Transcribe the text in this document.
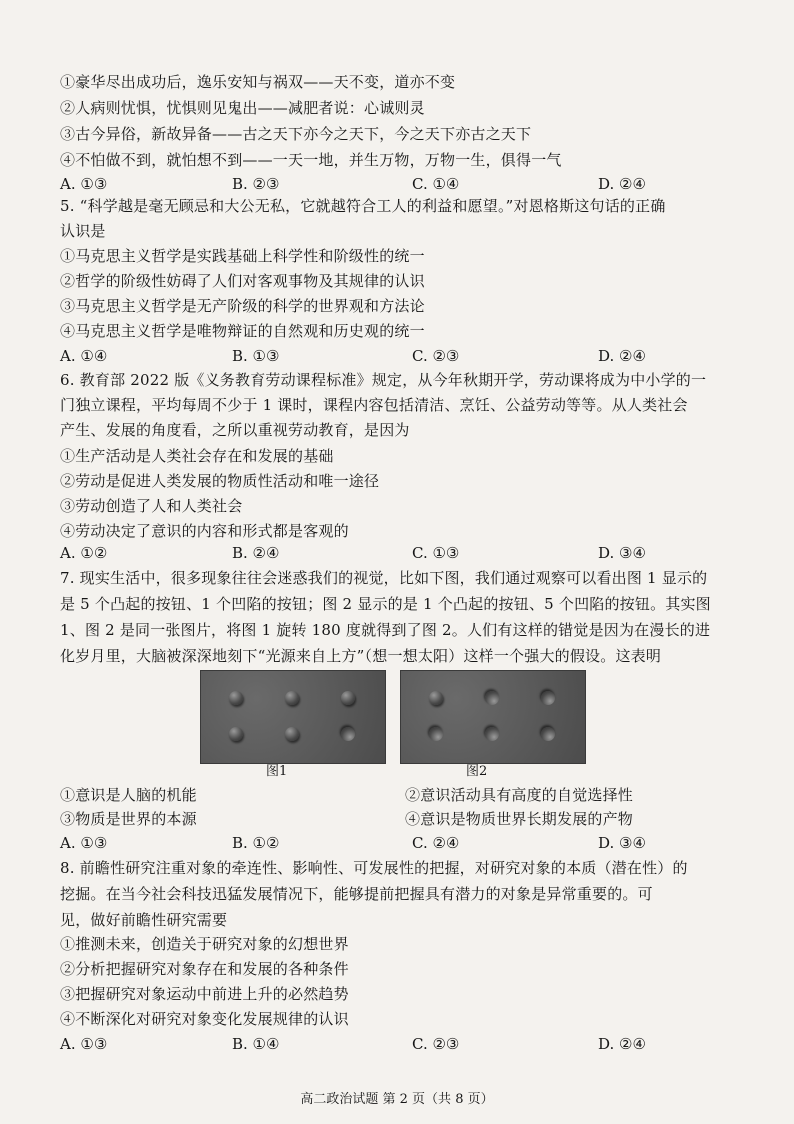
①豪华尽出成功后，逸乐安知与祸双——天不变，道亦不变
②人病则忧惧，忧惧则见鬼出——减肥者说：心诚则灵
③古今异俗，新故异备——古之天下亦今之天下，今之天下亦古之天下
④不怕做不到，就怕想不到——一天一地，并生万物，万物一生，俱得一气
A. ①③	B. ②③	C. ①④	D. ②④
5. “科学越是毫无顾忌和大公无私，它就越符合工人的利益和愿望。”对恩格斯这句话的正确
认识是
①马克思主义哲学是实践基础上科学性和阶级性的统一
②哲学的阶级性妨碍了人们对客观事物及其规律的认识
③马克思主义哲学是无产阶级的科学的世界观和方法论
④马克思主义哲学是唯物辩证的自然观和历史观的统一
A. ①④	B. ①③	C. ②③	D. ②④
6. 教育部 2022 版《义务教育劳动课程标准》规定，从今年秋期开学，劳动课将成为中小学的一
门独立课程，平均每周不少于 1 课时，课程内容包括清洁、烹饪、公益劳动等等。从人类社会
产生、发展的角度看，之所以重视劳动教育，是因为
①生产活动是人类社会存在和发展的基础
②劳动是促进人类发展的物质性活动和唯一途径
③劳动创造了人和人类社会
④劳动决定了意识的内容和形式都是客观的
A. ①②	B. ②④	C. ①③	D. ③④
7. 现实生活中，很多现象往往会迷惑我们的视觉，比如下图，我们通过观察可以看出图 1 显示的
是 5 个凸起的按钮、1 个凹陷的按钮；图 2 显示的是 1 个凸起的按钮、5 个凹陷的按钮。其实图
1、图 2 是同一张图片，将图 1 旋转 180 度就得到了图 2。人们有这样的错觉是因为在漫长的进
化岁月里，大脑被深深地刻下“光源来自上方”（想一想太阳）这样一个强大的假设。这表明
图1	图2
①意识是人脑的机能	②意识活动具有高度的自觉选择性
③物质是世界的本源	④意识是物质世界长期发展的产物
A. ①③	B. ①②	C. ②④	D. ③④
8. 前瞻性研究注重对象的牵连性、影响性、可发展性的把握，对研究对象的本质（潜在性）的
挖掘。在当今社会科技迅猛发展情况下，能够提前把握具有潜力的对象是异常重要的。可
见，做好前瞻性研究需要
①推测未来，创造关于研究对象的幻想世界
②分析把握研究对象存在和发展的各种条件
③把握研究对象运动中前进上升的必然趋势
④不断深化对研究对象变化发展规律的认识
A. ①③	B. ①④	C. ②③	D. ②④
高二政治试题 第 2 页（共 8 页）
